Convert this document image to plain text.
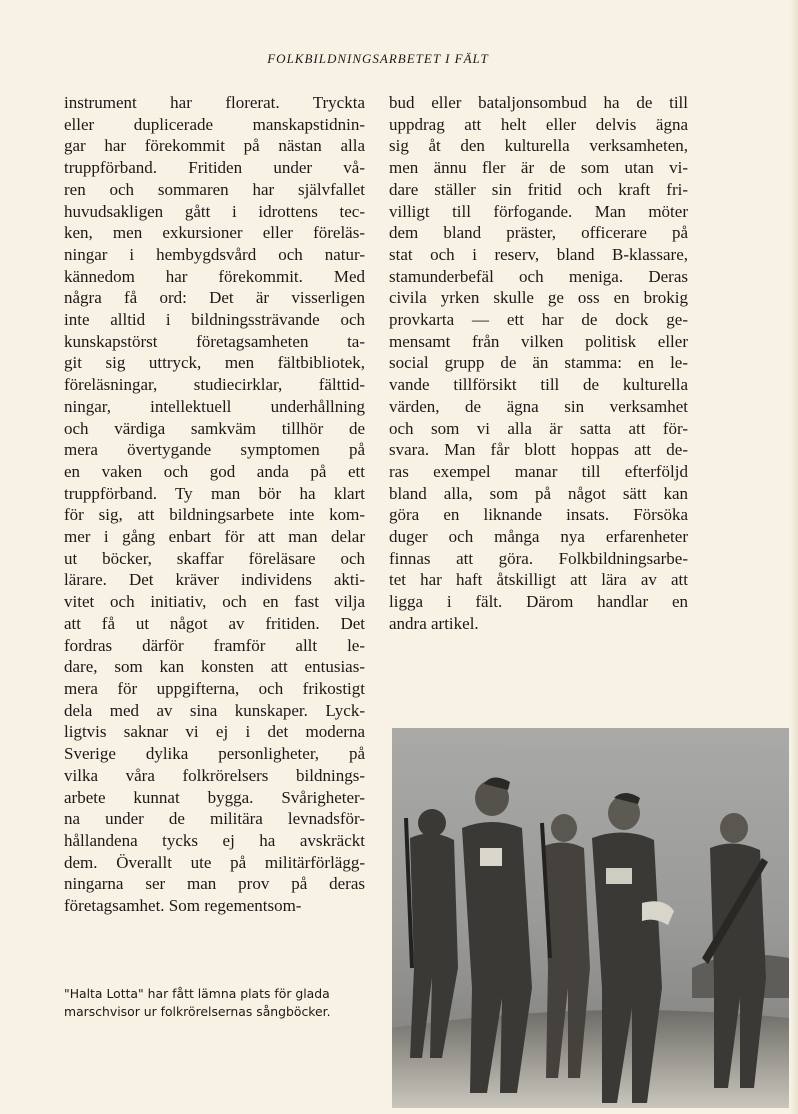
FOLKBILDNINGSARBETET I FÄLT
instrument har florerat. Tryckta
eller duplicerade manskapstidnin-
gar har förekommit på nästan alla
truppförband. Fritiden under vå-
ren och sommaren har självfallet
huvudsakligen gått i idrottens tec-
ken, men exkursioner eller föreläs-
ningar i hembygdsvård och natur-
kännedom har förekommit. Med
några få ord: Det är visserligen
inte alltid i bildningssträvande och
kunskapstörst företagsamheten ta-
git sig uttryck, men fältbibliotek,
föreläsningar, studiecirklar, fälttid-
ningar, intellektuell underhållning
och värdiga samkväm tillhör de
mera övertygande symptomen på
en vaken och god anda på ett
truppförband. Ty man bör ha klart
för sig, att bildningsarbete inte kom-
mer i gång enbart för att man delar
ut böcker, skaffar föreläsare och
lärare. Det kräver individens akti-
vitet och initiativ, och en fast vilja
att få ut något av fritiden. Det
fordras därför framför allt le-
dare, som kan konsten att entusias-
mera för uppgifterna, och frikostigt
dela med av sina kunskaper. Lyck-
ligtvis saknar vi ej i det moderna
Sverige dylika personligheter, på
vilka våra folkrörelsers bildnings-
arbete kunnat bygga. Svårigheter-
na under de militära levnadsför-
hållandena tycks ej ha avskräckt
dem. Överallt ute på militärförlägg-
ningarna ser man prov på deras
företagsamhet. Som regementsom-
bud eller bataljonsombud ha de till
uppdrag att helt eller delvis ägna
sig åt den kulturella verksamheten,
men ännu fler är de som utan vi-
dare ställer sin fritid och kraft fri-
villigt till förfogande. Man möter
dem bland präster, officerare på
stat och i reserv, bland B-klassare,
stamunderbefäl och meniga. Deras
civila yrken skulle ge oss en brokig
provkarta — ett har de dock ge-
mensamt från vilken politisk eller
social grupp de än stamma: en le-
vande tillförsikt till de kulturella
värden, de ägna sin verksamhet
och som vi alla är satta att för-
svara. Man får blott hoppas att de-
ras exempel manar till efterföljd
bland alla, som på något sätt kan
göra en liknande insats. Försöka
duger och många nya erfarenheter
finnas att göra. Folkbildningsarbe-
tet har haft åtskilligt att lära av att
ligga i fält. Därom handlar en
andra artikel.
"Halta Lotta" har fått lämna plats för glada
marschvisor ur folkrörelsernas sångböcker.
